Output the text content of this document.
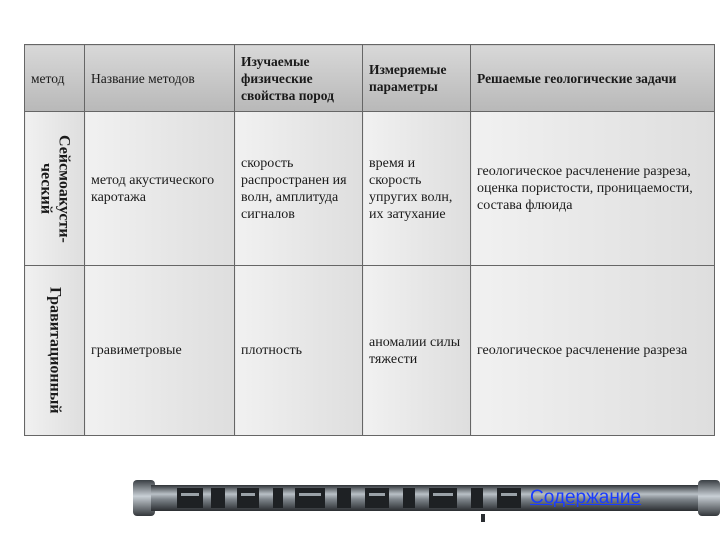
метод	Название методов	Изучаемые физические свойства пород	Измеряемые параметры	Решаемые геологические задачи

Сейсмоакусти-ческий	метод акустического каротажа	скорость распространен ия волн, амплитуда сигналов	время и скорость упругих волн, их затухание	геологическое расчленение разреза, оценка пористости, проницаемости, состава флюида

Гравитационный	гравиметровые	плотность	аномалии силы тяжести	геологическое расчленение разреза
Содержание
